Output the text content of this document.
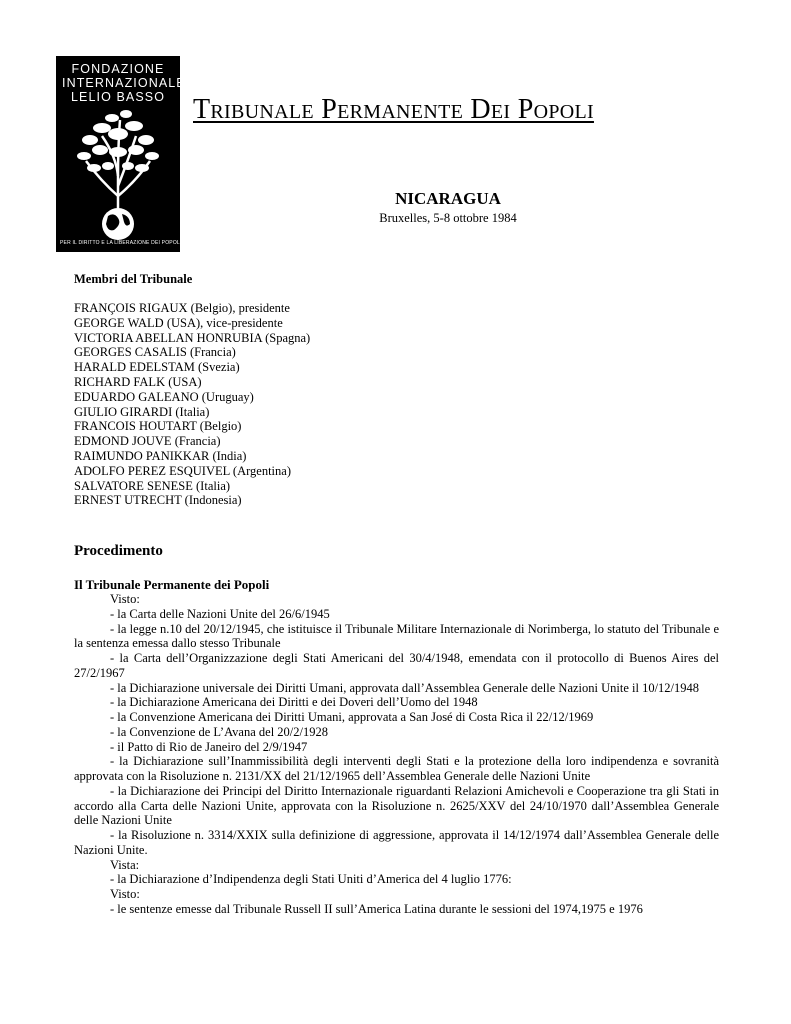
FONDAZIONE
INTERNAZIONALE
LELIO BASSO
PER IL DIRITTO E LA LIBERAZIONE DEI POPOLI
Tribunale Permanente Dei Popoli
NICARAGUA
Bruxelles, 5-8 ottobre 1984
Membri del Tribunale
FRANÇOIS RIGAUX (Belgio), presidente
GEORGE WALD (USA), vice-presidente
VICTORIA ABELLAN HONRUBIA (Spagna)
GEORGES CASALIS (Francia)
HARALD EDELSTAM (Svezia)
RICHARD FALK (USA)
EDUARDO GALEANO (Uruguay)
GIULIO GIRARDI (Italia)
FRANCOIS HOUTART (Belgio)
EDMOND JOUVE (Francia)
RAIMUNDO PANIKKAR (India)
ADOLFO PEREZ ESQUIVEL (Argentina)
SALVATORE SENESE (Italia)
ERNEST UTRECHT (Indonesia)
Procedimento
Il Tribunale Permanente dei Popoli

Visto:

- la Carta delle Nazioni Unite del 26/6/1945

- la legge n.10 del 20/12/1945, che istituisce il Tribunale Militare Internazionale di Norimberga, lo statuto del Tribunale e la sentenza emessa dallo stesso Tribunale

- la Carta dell’Organizzazione degli Stati Americani del 30/4/1948, emendata con il protocollo di Buenos Aires del 27/2/1967

- la Dichiarazione universale dei Diritti Umani, approvata dall’Assemblea Generale delle Nazioni Unite il 10/12/1948

- la Dichiarazione Americana dei Diritti e dei Doveri dell’Uomo del 1948

- la Convenzione Americana dei Diritti Umani, approvata a San José di Costa Rica il 22/12/1969

- la Convenzione de L’Avana del 20/2/1928

- il Patto di Rio de Janeiro del 2/9/1947

- la Dichiarazione sull’Inammissibilità degli interventi degli Stati e la protezione della loro indipendenza e sovranità approvata con la Risoluzione n. 2131/XX del 21/12/1965 dell’Assemblea Generale delle Nazioni Unite

- la Dichiarazione dei Principi del Diritto Internazionale riguardanti Relazioni Amichevoli e Cooperazione tra gli Stati in accordo alla Carta delle Nazioni Unite, approvata con la Risoluzione n. 2625/XXV del 24/10/1970 dall’Assemblea Generale delle Nazioni Unite

- la Risoluzione n. 3314/XXIX sulla definizione di aggressione, approvata il 14/12/1974 dall’Assemblea Generale delle Nazioni Unite.

Vista:

- la Dichiarazione d’Indipendenza degli Stati Uniti d’America del 4 luglio 1776:

Visto:

- le sentenze emesse dal Tribunale Russell II sull’America Latina durante le sessioni del 1974,1975 e 1976
